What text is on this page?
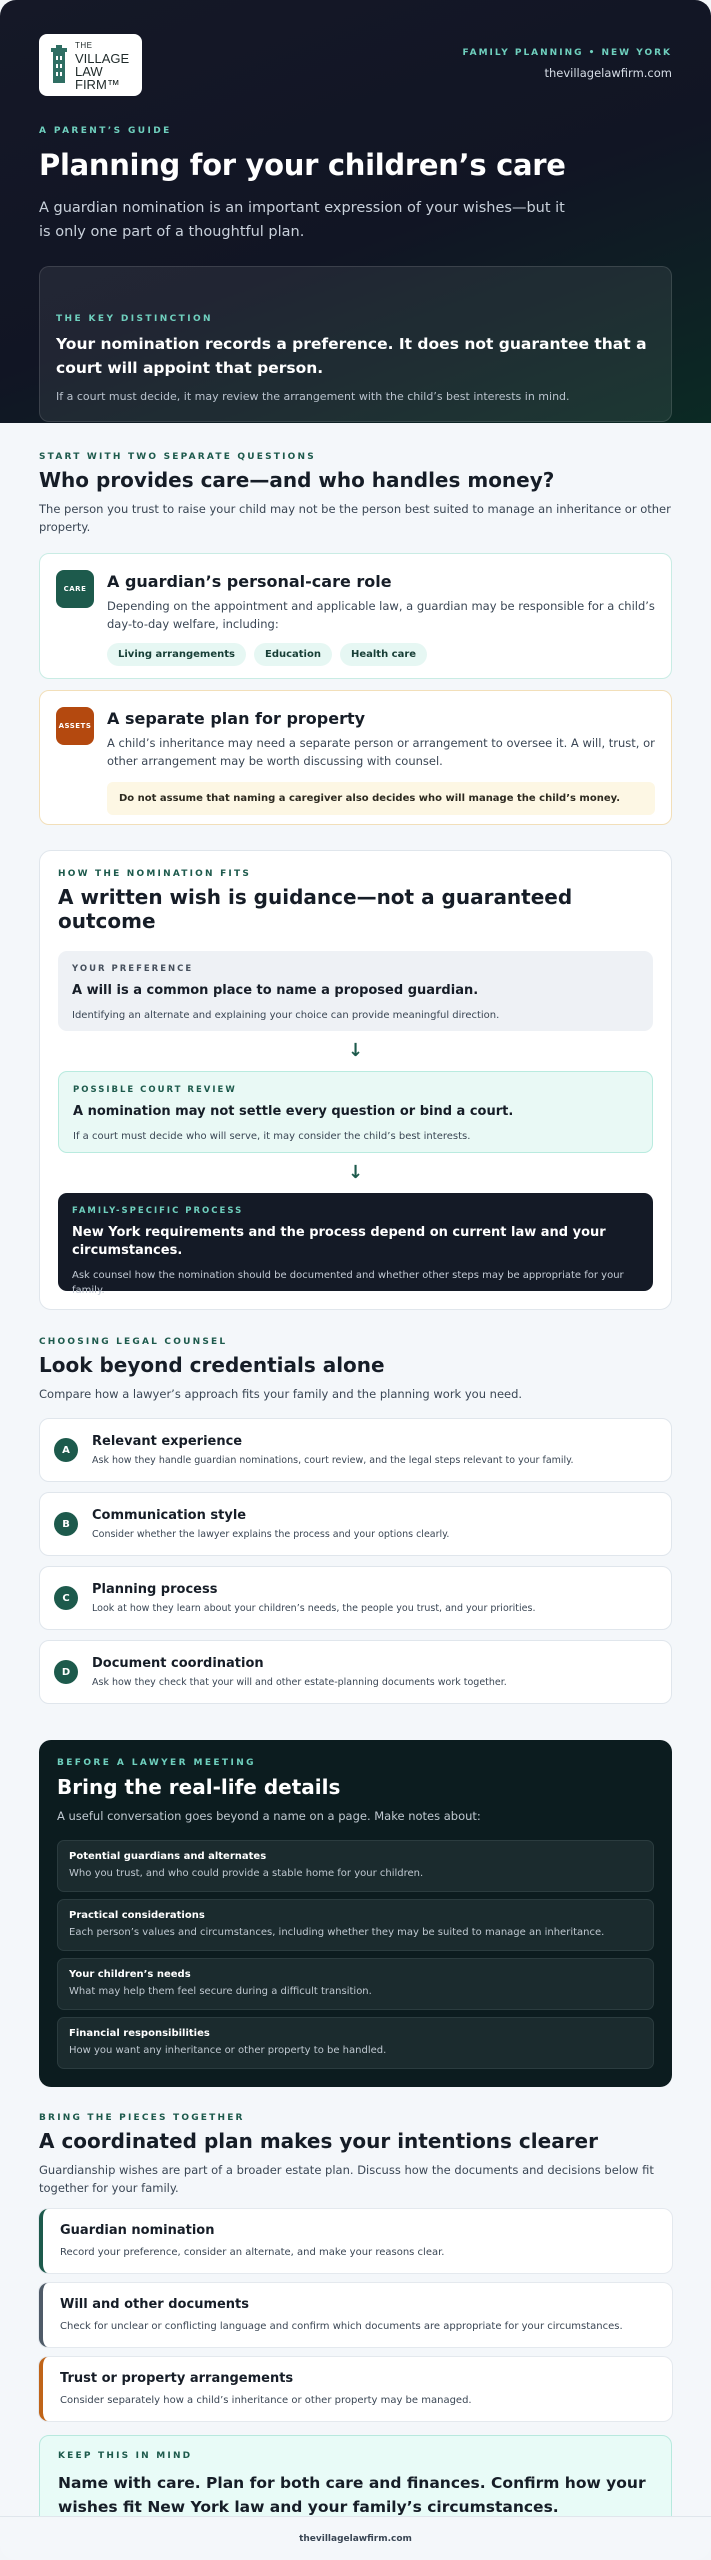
THE
VILLAGE
LAW FIRM™
FAMILY PLANNING • NEW YORK
thevillagelawfirm.com
A PARENT’S GUIDE
Planning for your children’s care

A guardian nomination is an important expression of your wishes—but it is only one part of a thoughtful plan.

THE KEY DISTINCTION
Your nomination records a preference. It does not guarantee that a court will appoint that person.
If a court must decide, it may review the arrangement with the child’s best interests in mind.
START WITH TWO SEPARATE QUESTIONS
Who provides care—and who handles money?
The person you trust to raise your child may not be the person best suited to manage an inheritance or other property.
CARE	A guardian’s personal-care role

Depending on the appointment and applicable law, a guardian may be responsible for a child’s day-to-day welfare, including:

Living arrangements	Education	Health care
ASSETS A separate plan for property

A child’s inheritance may need a separate person or arrangement to oversee it. A will, trust, or other arrangement may be worth discussing with counsel.

Do not assume that naming a caregiver also decides who will manage the child’s money.
HOW THE NOMINATION FITS
A written wish is guidance—not a guaranteed outcome
YOUR PREFERENCE
A will is a common place to name a proposed guardian.
Identifying an alternate and explaining your choice can provide meaningful direction.
↓
POSSIBLE COURT REVIEW
A nomination may not settle every question or bind a court.
If a court must decide who will serve, it may consider the child’s best interests.
↓
FAMILY-SPECIFIC PROCESS
New York requirements and the process depend on current law and your circumstances.
Ask counsel how the nomination should be documented and whether other steps may be appropriate for your family.
CHOOSING LEGAL COUNSEL
Look beyond credentials alone
Compare how a lawyer’s approach fits your family and the planning work you need.
A
Relevant experience
Ask how they handle guardian nominations, court review, and the legal steps relevant to your family.
B
Communication style
Consider whether the lawyer explains the process and your options clearly.
C
Planning process
Look at how they learn about your children’s needs, the people you trust, and your priorities.
D
Document coordination
Ask how they check that your will and other estate-planning documents work together.
BEFORE A LAWYER MEETING
Bring the real-life details
A useful conversation goes beyond a name on a page. Make notes about:
Potential guardians and alternates
Who you trust, and who could provide a stable home for your children.
Practical considerations
Each person’s values and circumstances, including whether they may be suited to manage an inheritance.
Your children’s needs
What may help them feel secure during a difficult transition.
Financial responsibilities
How you want any inheritance or other property to be handled.
BRING THE PIECES TOGETHER
A coordinated plan makes your intentions clearer
Guardianship wishes are part of a broader estate plan. Discuss how the documents and decisions below fit together for your family.
Guardian nomination
Record your preference, consider an alternate, and make your reasons clear.
Will and other documents
Check for unclear or conflicting language and confirm which documents are appropriate for your circumstances.
Trust or property arrangements
Consider separately how a child’s inheritance or other property may be managed.
KEEP THIS IN MIND
Name with care. Plan for both care and finances. Confirm how your wishes fit New York law and your family’s circumstances.
thevillagelawfirm.com
